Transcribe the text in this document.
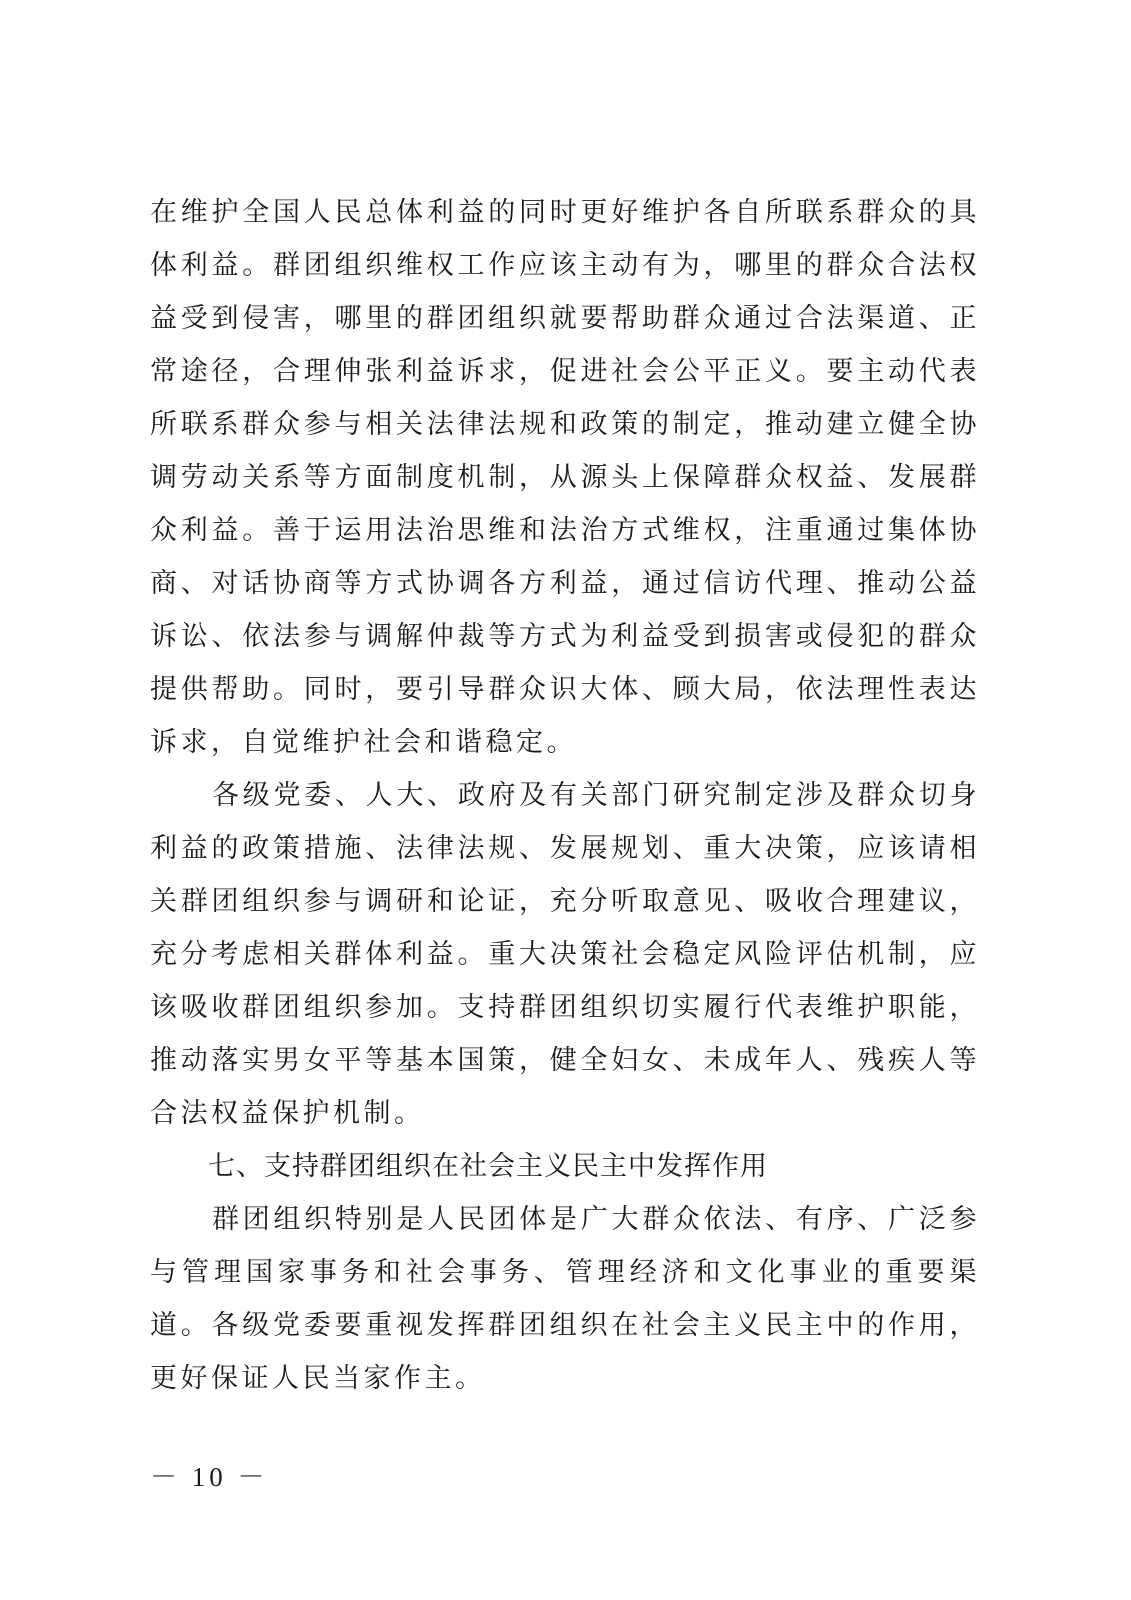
在维护全国人民总体利益的同时更好维护各自所联系群众的具体利益。群团组织维权工作应该主动有为，哪里的群众合法权益受到侵害，哪里的群团组织就要帮助群众通过合法渠道、正常途径，合理伸张利益诉求，促进社会公平正义。要主动代表所联系群众参与相关法律法规和政策的制定，推动建立健全协调劳动关系等方面制度机制，从源头上保障群众权益、发展群众利益。善于运用法治思维和法治方式维权，注重通过集体协商、对话协商等方式协调各方利益，通过信访代理、推动公益诉讼、依法参与调解仲裁等方式为利益受到损害或侵犯的群众提供帮助。同时，要引导群众识大体、顾大局，依法理性表达诉求，自觉维护社会和谐稳定。

各级党委、人大、政府及有关部门研究制定涉及群众切身利益的政策措施、法律法规、发展规划、重大决策，应该请相关群团组织参与调研和论证，充分听取意见、吸收合理建议，充分考虑相关群体利益。重大决策社会稳定风险评估机制，应该吸收群团组织参加。支持群团组织切实履行代表维护职能，推动落实男女平等基本国策，健全妇女、未成年人、残疾人等合法权益保护机制。

七、支持群团组织在社会主义民主中发挥作用

群团组织特别是人民团体是广大群众依法、有序、广泛参与管理国家事务和社会事务、管理经济和文化事业的重要渠道。各级党委要重视发挥群团组织在社会主义民主中的作用，更好保证人民当家作主。

－ 10 －
